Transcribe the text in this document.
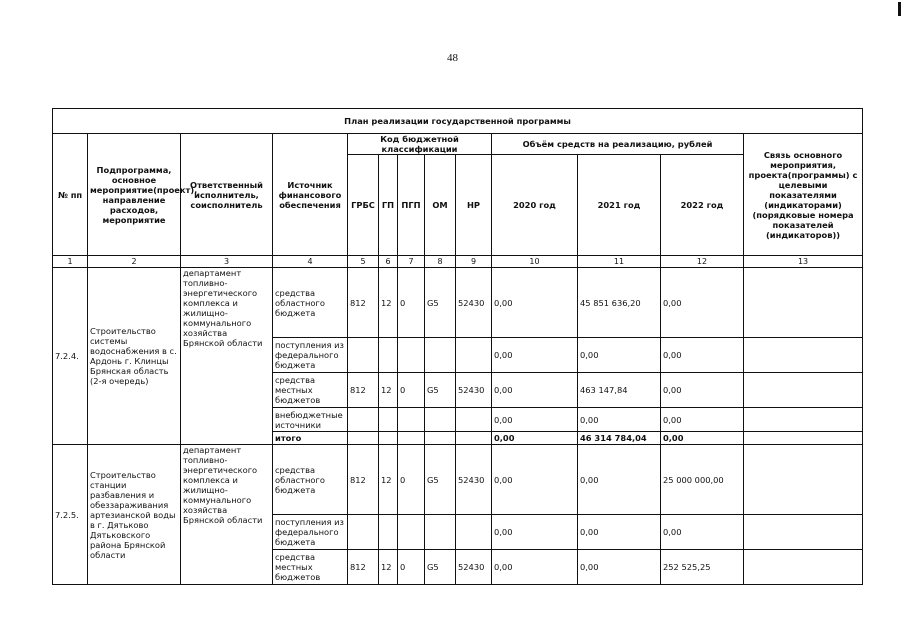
48
План реализации государственной программы												
№ пп	Подпрограмма, основное мероприятие(проект), направление расходов, мероприятие	Ответственный исполнитель, соисполнитель	Источник финансового обеспечения	Код бюджетной классификации					Объём средств на реализацию, рублей			Связь основного мероприятия, проекта(программы) с целевыми показателями (индикаторами) (порядковые номера показателей (индикаторов))
				ГРБС	ГП	ПГП	ОМ	НР	2020 год	2021 год	2022 год	
1	2	3	4	5	6	7	8	9	10	11	12	13
7.2.4.	Строительство системы водоснабжения в с. Ардонь г. Клинцы Брянская область (2-я очередь)	департамент топливно-энергетического комплекса и жилищно-коммунального хозяйства Брянской области	средства областного бюджета	812	12	0	G5	52430	0,00	45 851 636,20	0,00	
			поступления из федерального бюджета						0,00	0,00	0,00	
			средства местных бюджетов	812	12	0	G5	52430	0,00	463 147,84	0,00	
			внебюджетные источники						0,00	0,00	0,00	
			итого						0,00	46 314 784,04	0,00	
7.2.5.	Строительство станции разбавления и обеззараживания артезианской воды в г. Дятьково Дятьковского района Брянской области	департамент топливно-энергетического комплекса и жилищно-коммунального хозяйства Брянской области	средства областного бюджета	812	12	0	G5	52430	0,00	0,00	25 000 000,00	
			поступления из федерального бюджета						0,00	0,00	0,00	
			средства местных бюджетов	812	12	0	G5	52430	0,00	0,00	252 525,25	
